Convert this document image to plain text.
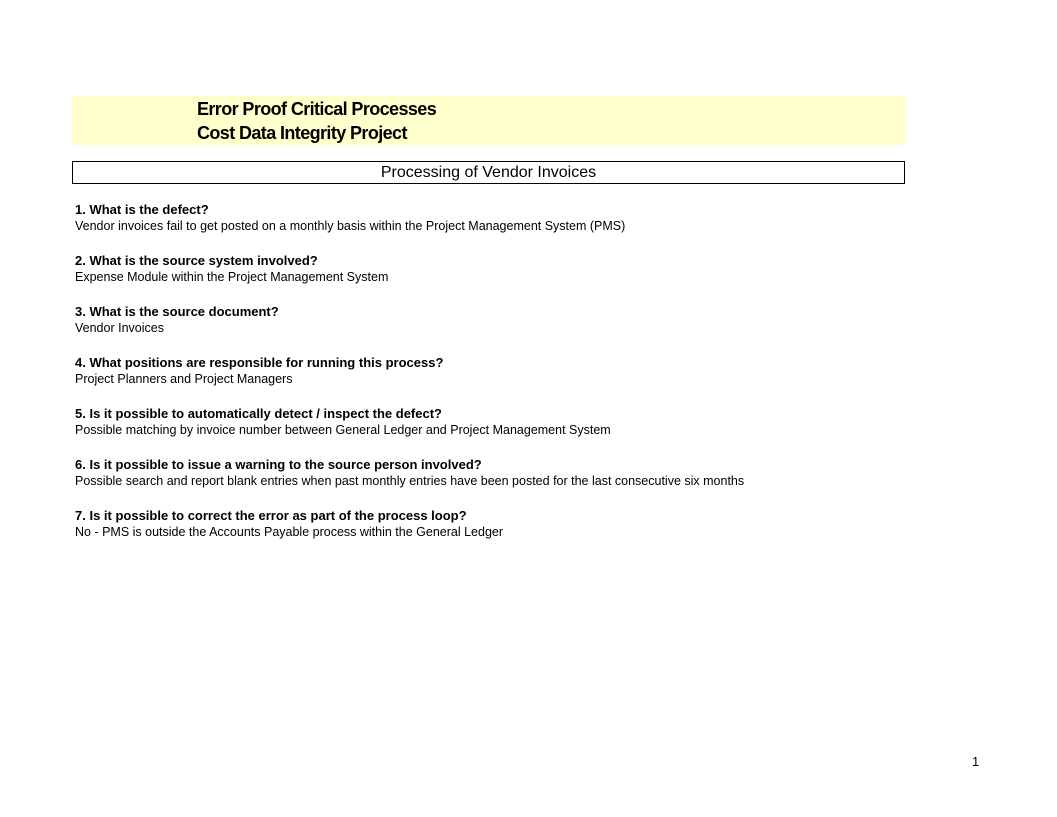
Error Proof Critical Processes
Cost Data Integrity Project
Processing of Vendor Invoices
1. What is the defect?
Vendor invoices fail to get posted on a monthly basis within the Project Management System (PMS)
2. What is the source system involved?
Expense Module within the Project Management System
3. What is the source document?
Vendor Invoices
4. What positions are responsible for running this process?
Project Planners and Project Managers
5. Is it possible to automatically detect / inspect the defect?
Possible matching by invoice number between General Ledger and Project Management System
6. Is it possible to issue a warning to the source person involved?
Possible search and report blank entries when past monthly entries have been posted for the last consecutive six months
7. Is it possible to correct the error as part of the process loop?
No - PMS is outside the Accounts Payable process within the General Ledger
1
